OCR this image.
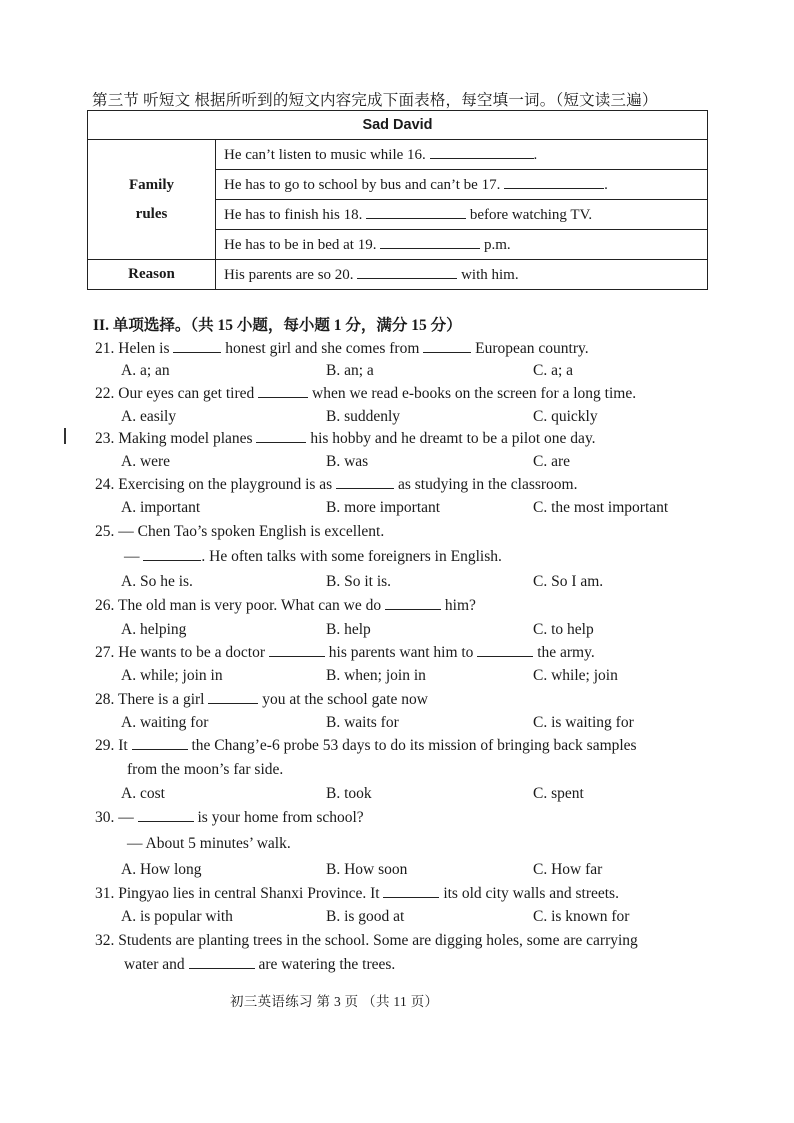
第三节 听短文 根据所听到的短文内容完成下面表格，每空填一词。（短文读三遍）
Sad David	

Family
rules	He can’t listen to music while 16. .
	He has to go to school by bus and can’t be 17. .
	He has to finish his 18. before watching TV.
	He has to be in bed at 19. p.m.
Reason	His parents are so 20. with him.
II. 单项选择。（共 15 小题，每小题 1 分，满分 15 分）
21. Helen is	honest girl and she comes from	European country.
A. a; an	B. an; a	C. a; a
22. Our eyes can get tired	when we read e-books on the screen for a long time.
A. easily	B. suddenly	C. quickly
23. Making model planes	his hobby and he dreamt to be a pilot one day.
A. were	B. was	C. are
24. Exercising on the playground is as	as studying in the classroom.
A. important	B. more important	C. the most important
25. — Chen Tao’s spoken English is excellent.
—	. He often talks with some foreigners in English.
A. So he is.	B. So it is.	C. So I am.
26. The old man is very poor. What can we do	him?
A. helping	B. help	C. to help
27. He wants to be a doctor	his parents want him to	the army.
A. while; join in	B. when; join in	C. while; join
28. There is a girl	you at the school gate now
A. waiting for	B. waits for	C. is waiting for
29. It	the Chang’e-6 probe 53 days to do its mission of bringing back samples
from the moon’s far side.
A. cost	B. took	C. spent
30. —	is your home from school?
— About 5 minutes’ walk.
A. How long	B. How soon	C. How far
31. Pingyao lies in central Shanxi Province. It	its old city walls and streets.
A. is popular with	B. is good at	C. is known for
32. Students are planting trees in the school. Some are digging holes, some are carrying
water and	are watering the trees.
初三英语练习 第 3 页 （共 11 页）
